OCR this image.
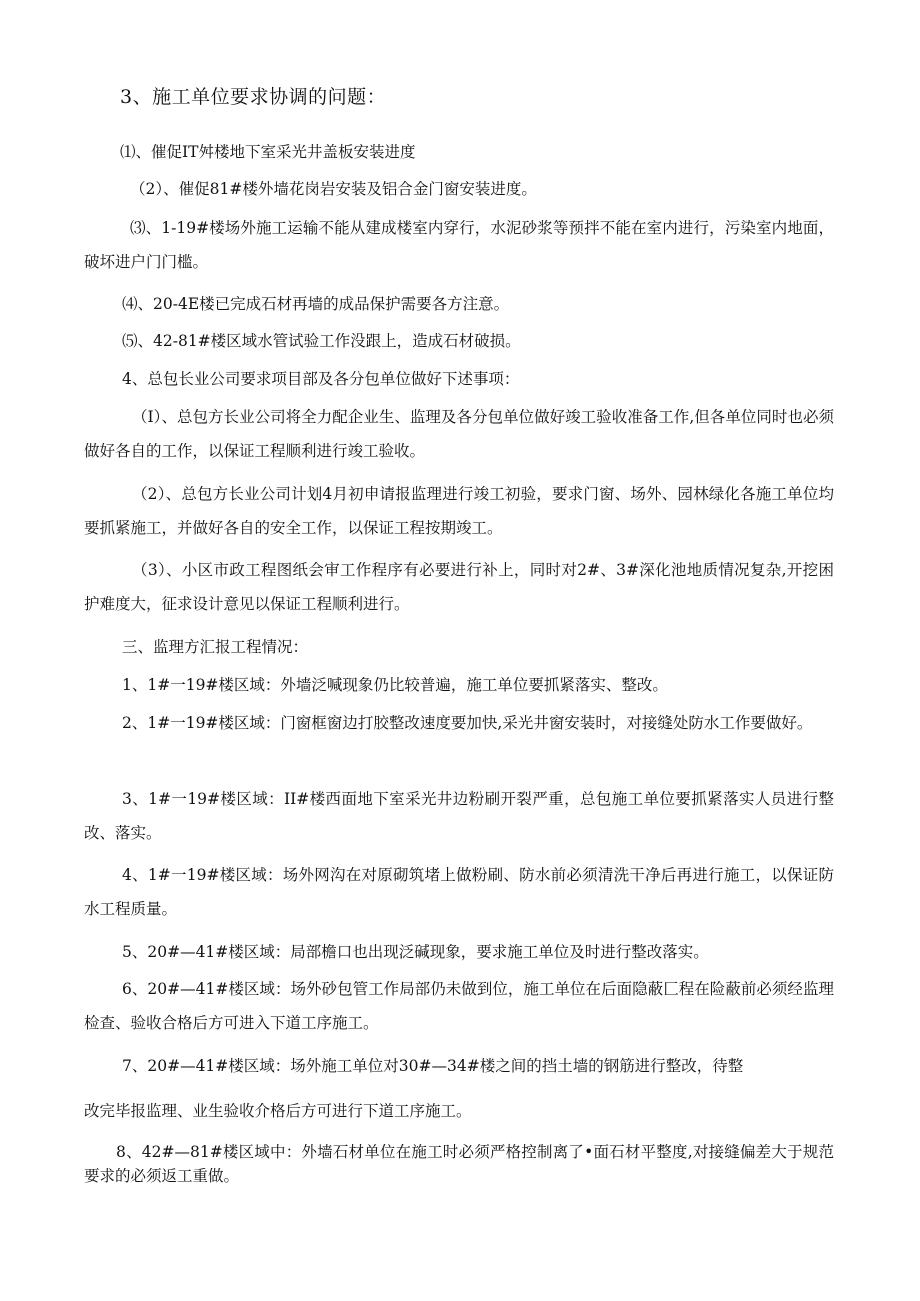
3、施工单位要求协调的问题：
⑴、催促IT舛楼地下室采光井盖板安装进度
（2）、催促81#楼外墙花岗岩安装及铝合金门窗安装进度。
⑶、1-19#楼场外施工运输不能从建成楼室内穿行，水泥砂浆等预拌不能在室内进行，污染室内地面，破坏进户门门槛。
⑷、20-4E楼已完成石材再墙的成品保护需要各方注意。
⑸、42-81#楼区域水管试验工作没跟上，造成石材破损。
4、总包长业公司要求项目部及各分包单位做好下述事项：
（I）、总包方长业公司将全力配企业生、监理及各分包单位做好竣工验收准备工作,但各单位同时也必须做好各自的工作，以保证工程顺利进行竣工验收。
（2）、总包方长业公司计划4月初申请报监理进行竣工初验，要求门窗、场外、园林绿化各施工单位均要抓紧施工，并做好各自的安全工作，以保证工程按期竣工。
（3）、小区市政工程图纸会审工作程序有必要进行补上，同时对2#、3#深化池地质情况复杂,开挖困护难度大，征求设计意见以保证工程顺利进行。
三、监理方汇报工程情况：
1、1#一19#楼区域：外墙泛喊现象仍比较普遍，施工单位要抓紧落实、整改。
2、1#一19#楼区域：门窗框窗边打胶整改速度要加快,采光井窗安装时，对接缝处防水工作要做好。
3、1#一19#楼区域：II#楼西面地下室采光井边粉刷开裂严重，总包施工单位要抓紧落实人员进行整改、落实。
4、1#一19#楼区域：场外网沟在对原砌筑堵上做粉刷、防水前必须清洗干净后再进行施工，以保证防水工程质量。
5、20#—41#楼区域：局部檐口也出现泛碱现象，要求施工单位及时进行整改落实。
6、20#—41#楼区域：场外砂包管工作局部仍未做到位，施工单位在后面隐蔽匚程在险蔽前必须经监理检查、验收合格后方可进入下道工序施工。
7、20#—41#楼区域：场外施工单位对30#—34#楼之间的挡土墙的钢筋进行整改，待整
改完毕报监理、业生验收介格后方可进行下道工序施工。
8、42#—81#楼区域中：外墙石材单位在施工时必须严格控制离了•面石材平整度,对接缝偏差大于规范要求的必须返工重做。
